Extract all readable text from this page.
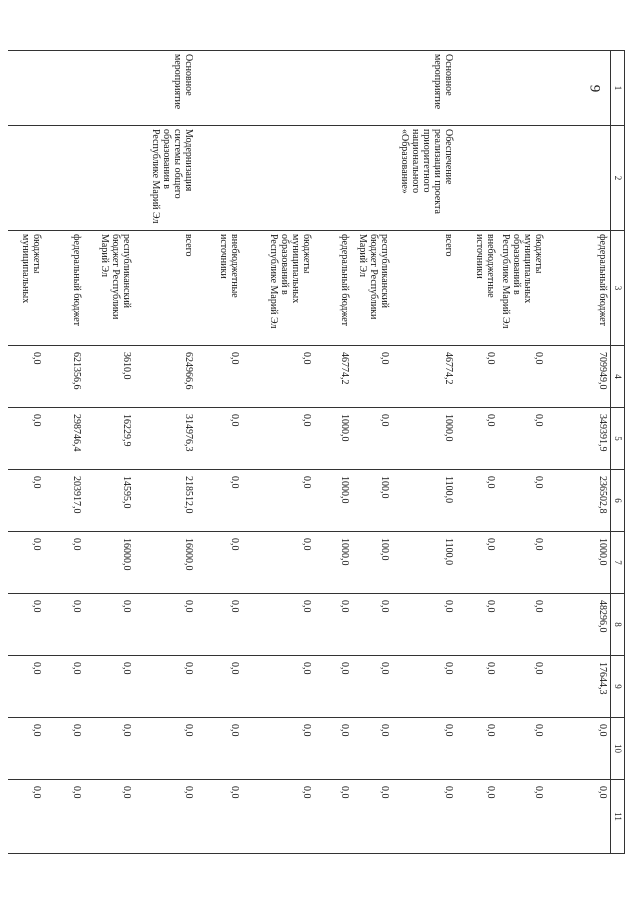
9 1	2	3	4	5	6	7	8	9	10	11
		федеральный бюджет	709949,0	349391,9	236502,8	1000,0	48296,0	17644,3	0,0	0,0
		бюджеты муниципальных образований в Республике Марий Эл	0,0	0,0	0,0	0,0	0,0	0,0	0,0	0,0
		внебюджетные источники	0,0	0,0	0,0	0,0	0,0	0,0	0,0	0,0
Основное мероприятие	Обеспечение реализации проекта приоритетного национального «Образование»	всего	46774,2	1000,0	1100,0	1100,0	0,0	0,0	0,0	0,0
		республиканский бюджет Республики Марий Эл	0,0	0,0	100,0	100,0	0,0	0,0	0,0	0,0
		федеральный бюджет	46774,2	1000,0	1000,0	1000,0	0,0	0,0	0,0	0,0
		бюджеты муниципальных образований в Республике Марий Эл	0,0	0,0	0,0	0,0	0,0	0,0	0,0	0,0
		внебюджетные источники	0,0	0,0	0,0	0,0	0,0	0,0	0,0	0,0
Основное мероприятие	Модернизация системы общего образования в Республике Марий Эл	всего	624966,6	314976,3	218512,0	16000,0	0,0	0,0	0,0	0,0
		республиканский бюджет Республики Марий Эл	3610,0	16229,9	14595,0	16000,0	0,0	0,0	0,0	0,0
		федеральный бюджет	621356,6	298746,4	203917,0	0,0	0,0	0,0	0,0	0,0
		бюджеты муниципальных	0,0	0,0	0,0	0,0	0,0	0,0	0,0	0,0
